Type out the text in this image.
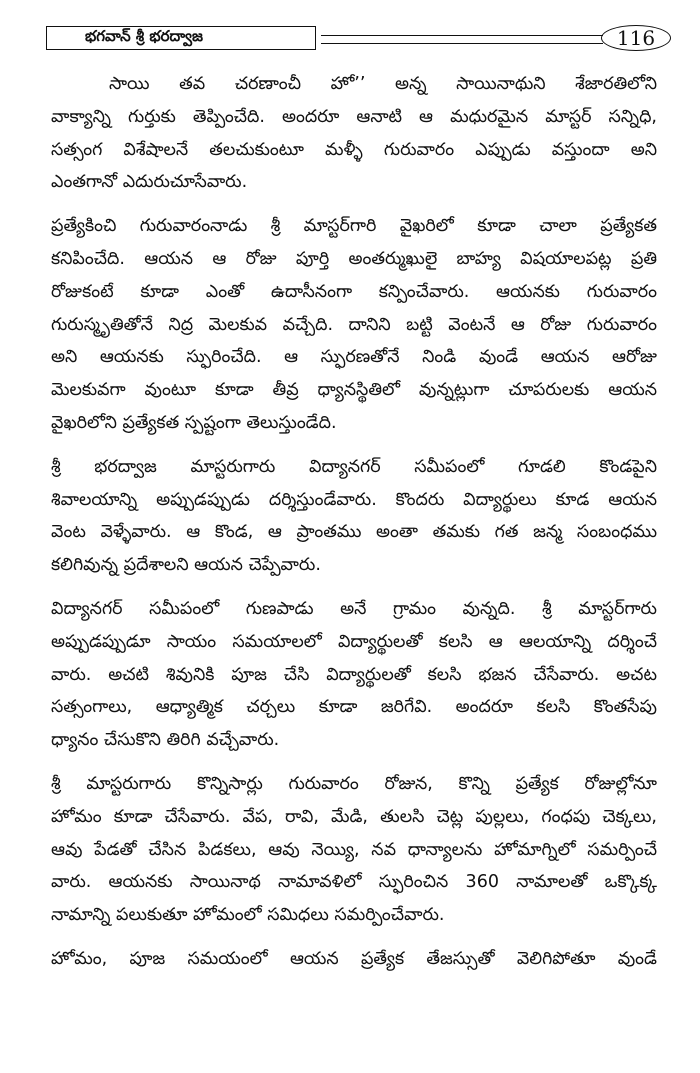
భగవాన్ శ్రీ భరద్వాజ	116
సాయి తవ చరణాంచీ హో’’ అన్న సాయినాథుని శేజారతిలోని
వాక్యాన్ని గుర్తుకు తెప్పించేది. అందరూ ఆనాటి ఆ మధురమైన మాస్టర్ సన్నిధి,
సత్సంగ విశేషాలనే తలచుకుంటూ మళ్ళీ గురువారం ఎప్పుడు వస్తుందా అని
ఎంతగానో ఎదురుచూసేవారు.
ప్రత్యేకించి గురువారంనాడు శ్రీ మాస్టర్‌గారి వైఖరిలో కూడా చాలా ప్రత్యేకత
కనిపించేది. ఆయన ఆ రోజు పూర్తి అంతర్ముఖులై బాహ్య విషయాలపట్ల ప్రతి
రోజుకంటే కూడా ఎంతో ఉదాసీనంగా కన్పించేవారు. ఆయనకు గురువారం
గురుస్మృతితోనే నిద్ర మెలకువ వచ్చేది. దానిని బట్టి వెంటనే ఆ రోజు గురువారం
అని ఆయనకు స్ఫురించేది. ఆ స్ఫురణతోనే నిండి వుండే ఆయన ఆరోజు
మెలకువగా వుంటూ కూడా తీవ్ర ధ్యానస్థితిలో వున్నట్లుగా చూపరులకు ఆయన
వైఖరిలోని ప్రత్యేకత స్పష్టంగా తెలుస్తుండేది.
శ్రీ భరద్వాజ మాస్టరుగారు విద్యానగర్ సమీపంలో గూడలి కొండపైని
శివాలయాన్ని అప్పుడప్పుడు దర్శిస్తుండేవారు. కొందరు విద్యార్థులు కూడ ఆయన
వెంట వెళ్ళేవారు. ఆ కొండ, ఆ ప్రాంతము అంతా తమకు గత జన్మ సంబంధము
కలిగివున్న ప్రదేశాలని ఆయన చెప్పేవారు.
విద్యానగర్ సమీపంలో గుణపాడు అనే గ్రామం వున్నది. శ్రీ మాస్టర్‌గారు
అప్పుడప్పుడూ సాయం సమయాలలో విద్యార్థులతో కలసి ఆ ఆలయాన్ని దర్శించే
వారు. అచటి శివునికి పూజ చేసి విద్యార్థులతో కలసి భజన చేసేవారు. అచట
సత్సంగాలు, ఆధ్యాత్మిక చర్చలు కూడా జరిగేవి. అందరూ కలసి కొంతసేపు
ధ్యానం చేసుకొని తిరిగి వచ్చేవారు.
శ్రీ మాస్టరుగారు కొన్నిసార్లు గురువారం రోజున, కొన్ని ప్రత్యేక రోజుల్లోనూ
హోమం కూడా చేసేవారు. వేప, రావి, మేడి, తులసి చెట్ల పుల్లలు, గంధపు చెక్కలు,
ఆవు పేడతో చేసిన పిడకలు, ఆవు నెయ్యి, నవ ధాన్యాలను హోమాగ్నిలో సమర్పించే
వారు. ఆయనకు సాయినాథ నామావళిలో స్ఫురించిన 360 నామాలతో ఒక్కొక్క
నామాన్ని పలుకుతూ హోమంలో సమిధలు సమర్పించేవారు.
హోమం, పూజ సమయంలో ఆయన ప్రత్యేక తేజస్సుతో వెలిగిపోతూ వుండే
